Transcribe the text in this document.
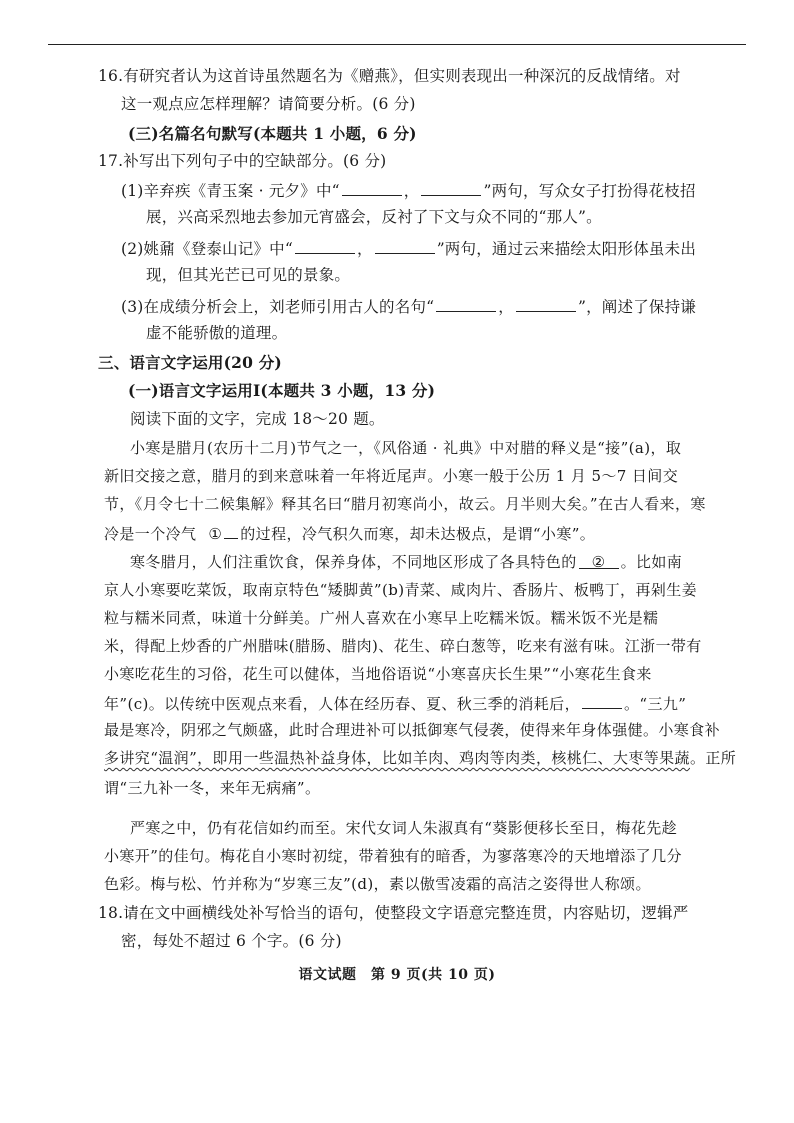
16.有研究者认为这首诗虽然题名为《赠燕》，但实则表现出一种深沉的反战情绪。对
这一观点应怎样理解？请简要分析。(6 分)
(三)名篇名句默写(本题共 1 小题，6 分)
17.补写出下列句子中的空缺部分。(6 分)
(1)辛弃疾《青玉案 · 元夕》中“	，	”两句，写众女子打扮得花枝招
展，兴高采烈地去参加元宵盛会，反衬了下文与众不同的“那人”。
(2)姚鼐《登泰山记》中“	，	”两句，通过云来描绘太阳形体虽未出
现，但其光芒已可见的景象。
(3)在成绩分析会上，刘老师引用古人的名句“	，	”，阐述了保持谦
虚不能骄傲的道理。
三、语言文字运用(20 分)
(一)语言文字运用Ⅰ(本题共 3 小题，13 分)
阅读下面的文字，完成 18～20 题。
小寒是腊月(农历十二月)节气之一，《风俗通 · 礼典》中对腊的释义是“接”(a)，取
新旧交接之意，腊月的到来意味着一年将近尾声。小寒一般于公历 1 月 5～7 日间交
节，《月令七十二候集解》释其名曰“腊月初寒尚小，故云。月半则大矣。”在古人看来，寒
冷是一个冷气 ① 的过程，冷气积久而寒，却未达极点，是谓“小寒”。
寒冬腊月，人们注重饮食，保养身体，不同地区形成了各具特色的 ② 。比如南
京人小寒要吃菜饭，取南京特色“矮脚黄”(b)青菜、咸肉片、香肠片、板鸭丁，再剁生姜
粒与糯米同煮，味道十分鲜美。广州人喜欢在小寒早上吃糯米饭。糯米饭不光是糯
米，得配上炒香的广州腊味(腊肠、腊肉)、花生、碎白葱等，吃来有滋有味。江浙一带有
小寒吃花生的习俗，花生可以健体，当地俗语说“小寒喜庆长生果”“小寒花生食来
年”(c)。以传统中医观点来看，人体在经历春、夏、秋三季的消耗后，	。“三九”
最是寒冷，阴邪之气颇盛，此时合理进补可以抵御寒气侵袭，使得来年身体强健。小寒食补
多讲究“温润”，即用一些温热补益身体，比如羊肉、鸡肉等肉类，核桃仁、大枣等果蔬。正所
谓“三九补一冬，来年无病痛”。
严寒之中，仍有花信如约而至。宋代女词人朱淑真有“葵影便移长至日，梅花先趁
小寒开”的佳句。梅花自小寒时初绽，带着独有的暗香，为寥落寒冷的天地增添了几分
色彩。梅与松、竹并称为“岁寒三友”(d)，素以傲雪凌霜的高洁之姿得世人称颂。
18.请在文中画横线处补写恰当的语句，使整段文字语意完整连贯，内容贴切，逻辑严
密，每处不超过 6 个字。(6 分)
语文试题　第 9 页(共 10 页)
